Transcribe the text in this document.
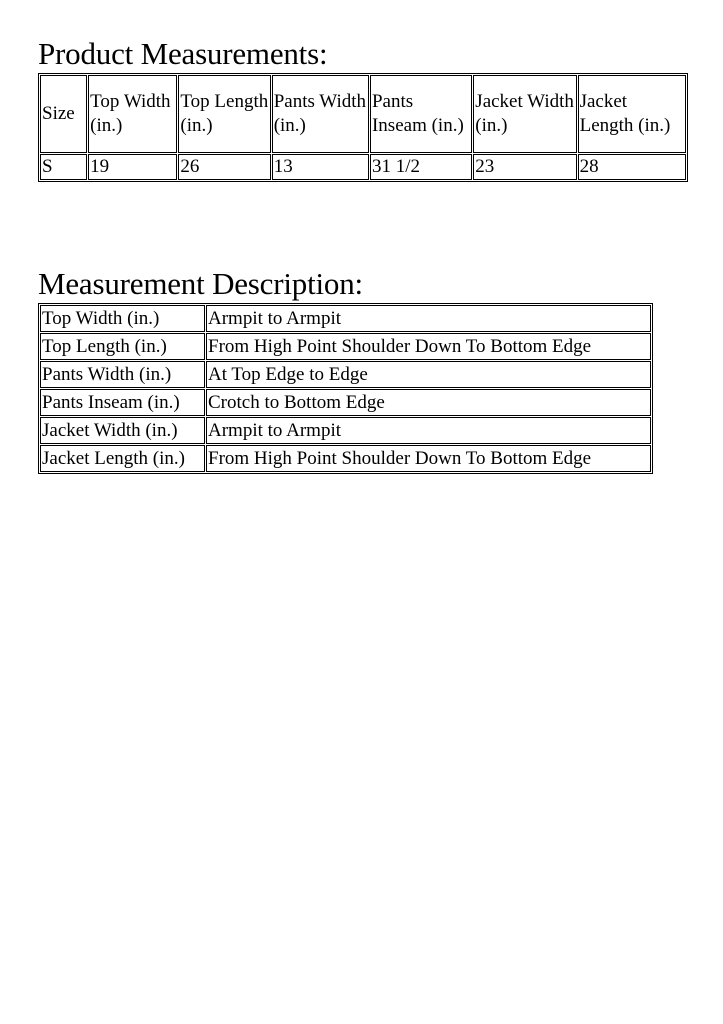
Product Measurements:
Size	Top Width (in.)	Top Length (in.)	Pants Width (in.)	Pants Inseam (in.)	Jacket Width (in.)	Jacket Length (in.)
S	19	26	13	31 1/2	23	28
Measurement Description:
Top Width (in.)	Armpit to Armpit
Top Length (in.)	From High Point Shoulder Down To Bottom Edge
Pants Width (in.)	At Top Edge to Edge
Pants Inseam (in.)	Crotch to Bottom Edge
Jacket Width (in.)	Armpit to Armpit
Jacket Length (in.)	From High Point Shoulder Down To Bottom Edge
